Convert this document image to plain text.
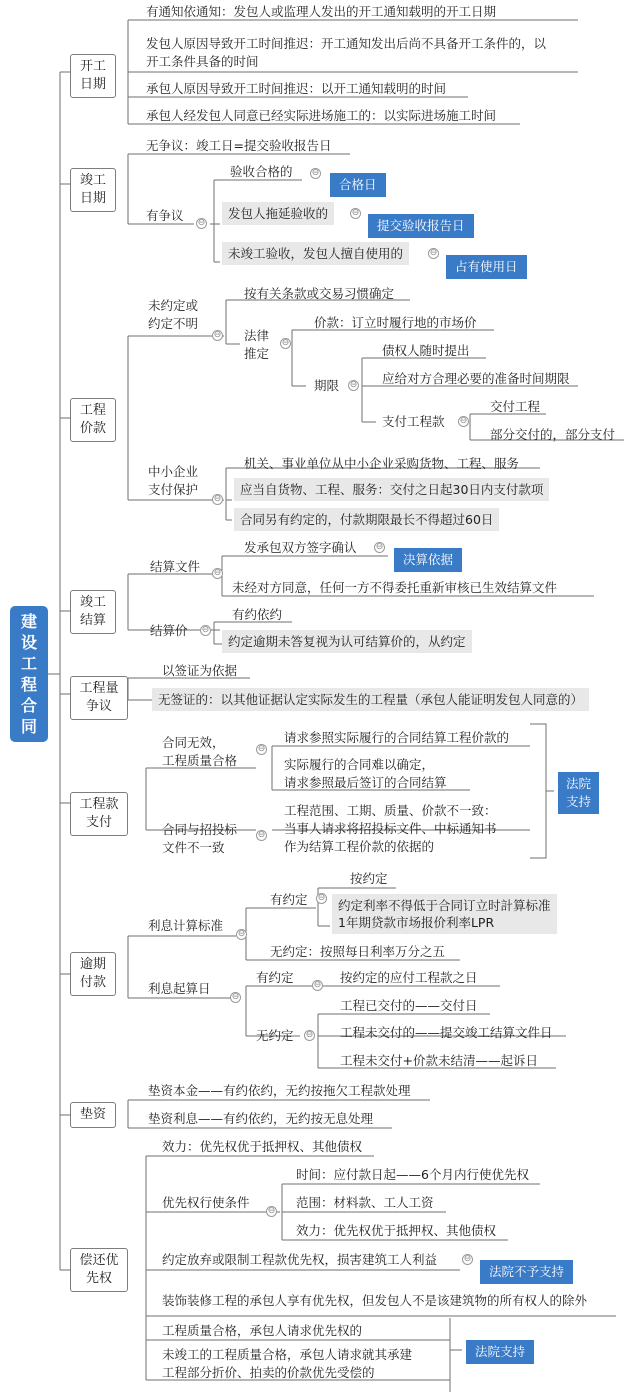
建设工程合同
开工
日期
竣工
日期
工程
价款
竣工
结算
工程量
争议
工程款
支付
逾期
付款
垫资
偿还优
先权
有通知依通知：发包人或监理人发出的开工通知载明的开工日期
发包人原因导致开工时间推迟：开工通知发出后尚不具备开工条件的，以
开工条件具备的时间
承包人原因导致开工时间推迟：以开工通知载明的时间
承包人经发包人同意已经实际进场施工的：以实际进场施工时间
无争议：竣工日=提交验收报告日
有争议 ⊖
验收合格的 ⊖
合格日
发包人拖延验收的	⊖
提交验收报告日
未竣工验收，发包人擅自使用的	⊖
占有使用日
未约定或
约定不明
⊖
按有关条款或交易习惯确定
法律
推定
⊖
价款：订立时履行地的市场价
期限 ⊖
债权人随时提出
应给对方合理必要的准备时间期限
支付工程款 ⊖
交付工程
部分交付的，部分支付
中小企业
支付保护
⊖
机关、事业单位从中小企业采购货物、工程、服务
应当自货物、工程、服务：交付之日起30日内支付款项
合同另有约定的，付款期限最长不得超过60日
结算文件 ⊖
发承包双方签字确认 ⊖
决算依据
未经对方同意，任何一方不得委托重新审核已生效结算文件
结算价 ⊖
有约依约
约定逾期未答复视为认可结算价的，从约定
以签证为依据
无签证的：以其他证据认定实际发生的工程量（承包人能证明发包人同意的）
合同无效，
工程质量合格
⊖
请求参照实际履行的合同结算工程价款的
实际履行的合同难以确定，
请求参照最后签订的合同结算
合同与招投标
文件不一致
⊖
工程范围、工期、质量、价款不一致：
当事人请求将招投标文件、中标通知书
作为结算工程价款的依据的
法院
支持
利息计算标准
⊖
有约定 ⊖
按约定
约定利率不得低于合同订立时計算标准
1年期贷款市场报价利率LPR
无约定：按照每日利率万分之五
利息起算日
⊖
有约定 ⊖ 按约定的应付工程款之日
无约定 ⊖
工程已交付的——交付日
工程未交付的——提交竣工结算文件日
工程未交付+价款未结清——起诉日
垫资本金——有约依约，无约按拖欠工程款处理
垫资利息——有约依约，无约按无息处理
效力：优先权优于抵押权、其他债权
优先权行使条件
⊖
时间：应付款日起——6个月内行使优先权
范围：材料款、工人工资
效力：优先权优于抵押权、其他债权
约定放弃或限制工程款优先权，损害建筑工人利益	⊖
法院不予支持
装饰装修工程的承包人享有优先权，但发包人不是该建筑物的所有权人的除外
工程质量合格，承包人请求优先权的
未竣工的工程质量合格，承包人请求就其承建
工程部分折价、拍卖的价款优先受偿的
法院支持
